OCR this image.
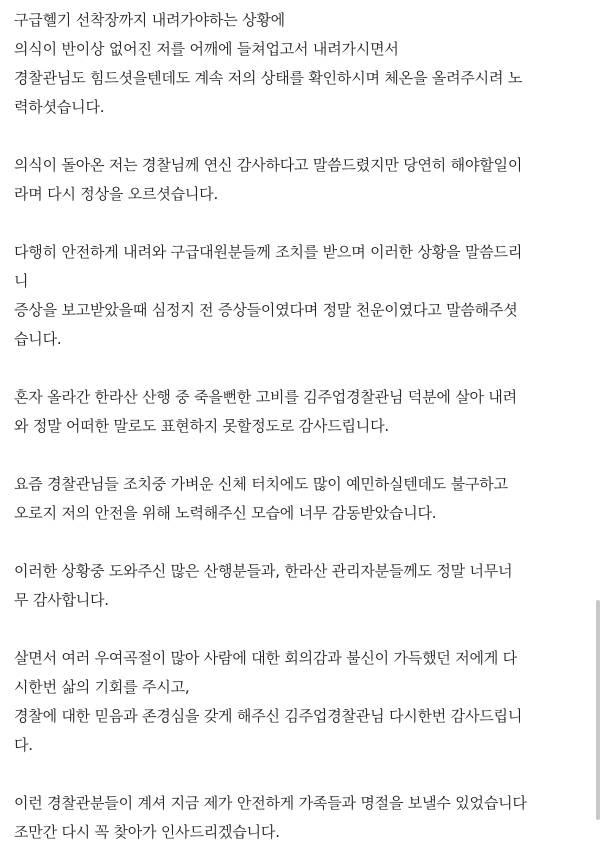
구급헬기 선착장까지 내려가야하는 상황에
의식이 반이상 없어진 저를 어깨에 들쳐업고서 내려가시면서
경찰관님도 힘드셧을텐데도 계속 저의 상태를 확인하시며 체온을 올려주시려 노
력하셧습니다.
의식이 돌아온 저는 경찰님께 연신 감사하다고 말씀드렸지만 당연히 해야할일이
라며 다시 정상을 오르셧습니다.
다행히 안전하게 내려와 구급대원분들께 조치를 받으며 이러한 상황을 말씀드리
니
증상을 보고받았을때 심정지 전 증상들이였다며 정말 천운이였다고 말씀해주셧
습니다.
혼자 올라간 한라산 산행 중 죽을뻔한 고비를 김주업경찰관님 덕분에 살아 내려
와 정말 어떠한 말로도 표현하지 못할정도로 감사드립니다.
요즘 경찰관님들 조치중 가벼운 신체 터치에도 많이 예민하실텐데도 불구하고
오로지 저의 안전을 위해 노력해주신 모습에 너무 감동받았습니다.
이러한 상황중 도와주신 많은 산행분들과, 한라산 관리자분들께도 정말 너무너
무 감사합니다.
살면서 여러 우여곡절이 많아 사람에 대한 회의감과 불신이 가득했던 저에게 다
시한번 삶의 기회를 주시고,
경찰에 대한 믿음과 존경심을 갖게 해주신 김주업경찰관님 다시한번 감사드립니
다.
이런 경찰관분들이 계셔 지금 제가 안전하게 가족들과 명절을 보낼수 있었습니다
조만간 다시 꼭 찾아가 인사드리겠습니다.
